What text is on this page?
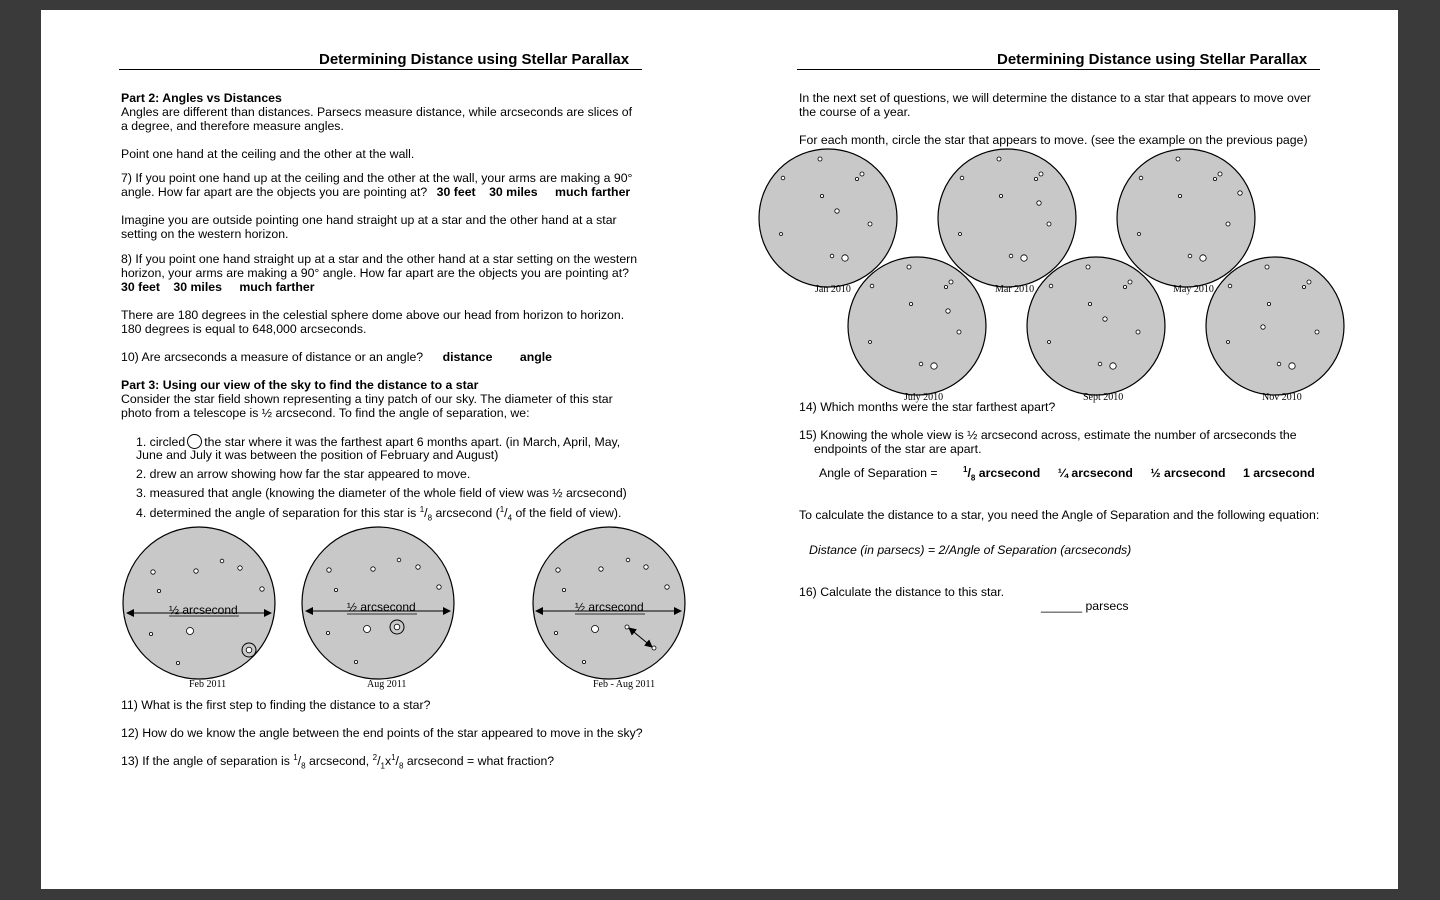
Determining Distance using Stellar Parallax
Part 2: Angles vs Distances
Angles are different than distances. Parsecs measure distance, while arcseconds are slices of
a degree, and therefore measure angles.
Point one hand at the ceiling and the other at the wall.
7) If you point one hand up at the ceiling and the other at the wall, your arms are making a 90°
angle. How far apart are the objects you are pointing at? 30 feet 30 miles much farther
Imagine you are outside pointing one hand straight up at a star and the other hand at a star
setting on the western horizon.
8) If you point one hand straight up at a star and the other hand at a star setting on the western
horizon, your arms are making a 90° angle. How far apart are the objects you are pointing at?
30 feet 30 miles much farther
There are 180 degrees in the celestial sphere dome above our head from horizon to horizon.
180 degrees is equal to 648,000 arcseconds.
10) Are arcseconds a measure of distance or an angle? distance angle
Part 3: Using our view of the sky to find the distance to a star
Consider the star field shown representing a tiny patch of our sky. The diameter of this star
photo from a telescope is ½ arcsecond. To find the angle of separation, we:
1. circled the star where it was the farthest apart 6 months apart. (in March, April, May,
June and July it was between the position of February and August)
2. drew an arrow showing how far the star appeared to move.
3. measured that angle (knowing the diameter of the whole field of view was ½ arcsecond)
4. determined the angle of separation for this star is $^1/_8$ arcsecond ($^1/_4$ of the field of view).
½ arcsecond
Feb 2011
½ arcsecond
Aug 2011
½ arcsecond
Feb - Aug 2011
11) What is the first step to finding the distance to a star?
12) How do we know the angle between the end points of the star appeared to move in the sky?
13) If the angle of separation is $^1/_8$ arcsecond, $^2/_1x^1/_8$ arcsecond = what fraction?
Determining Distance using Stellar Parallax
In the next set of questions, we will determine the distance to a star that appears to move over
the course of a year.
For each month, circle the star that appears to move. (see the example on the previous page)
Jan 2010	Mar 2010	May 2010
July 2010	Sept 2010	Nov 2010
14) Which months were the star farthest apart?
15) Knowing the whole view is ½ arcsecond across, estimate the number of arcseconds the
endpoints of the star are apart.
Angle of Separation =	$^1/_8$ arcsecond ¼ arcsecond ½ arcsecond 1 arcsecond
To calculate the distance to a star, you need the Angle of Separation and the following equation:
Distance (in parsecs) = 2/Angle of Separation (arcseconds)
16) Calculate the distance to this star.
______ parsecs
